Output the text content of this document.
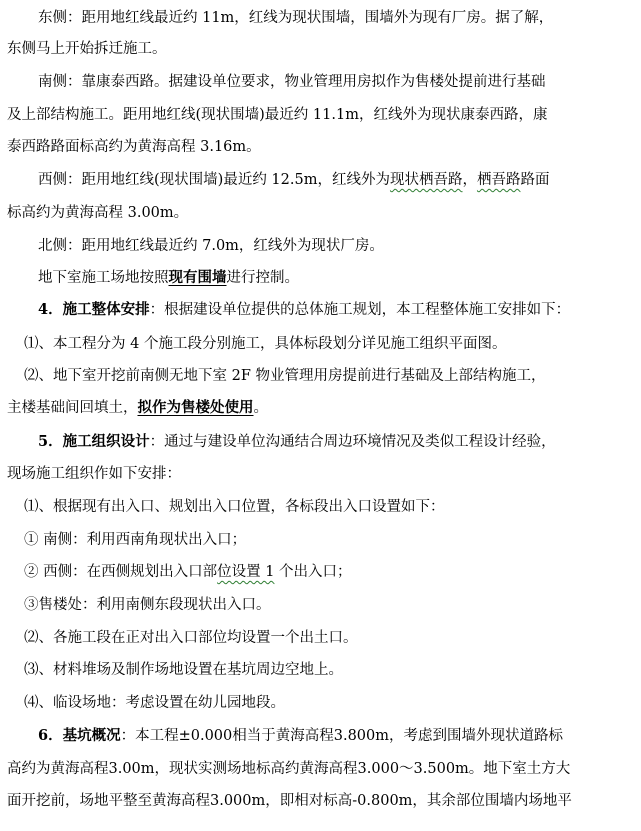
东侧：距用地红线最近约 11m，红线为现状围墙，围墙外为现有厂房。据了解，
东侧马上开始拆迁施工。
南侧：靠康泰西路。据建设单位要求，物业管理用房拟作为售楼处提前进行基础
及上部结构施工。距用地红线(现状围墙)最近约 11.1m，红线外为现状康泰西路，康
泰西路路面标高约为黄海高程 3.16m。
西侧：距用地红线(现状围墙)最近约 12.5m，红线外为现状栖吾路，栖吾路路面
标高约为黄海高程 3.00m。
北侧：距用地红线最近约 7.0m，红线外为现状厂房。
地下室施工场地按照现有围墙进行控制。
4．施工整体安排：根据建设单位提供的总体施工规划，本工程整体施工安排如下：
⑴、本工程分为 4 个施工段分别施工，具体标段划分详见施工组织平面图。
⑵、地下室开挖前南侧无地下室 2F 物业管理用房提前进行基础及上部结构施工，
主楼基础间回填土，拟作为售楼处使用。
5．施工组织设计：通过与建设单位沟通结合周边环境情况及类似工程设计经验，
现场施工组织作如下安排：
⑴、根据现有出入口、规划出入口位置，各标段出入口设置如下：
① 南侧：利用西南角现状出入口；
② 西侧：在西侧规划出入口部位设置 1 个出入口；
③售楼处：利用南侧东段现状出入口。
⑵、各施工段在正对出入口部位均设置一个出土口。
⑶、材料堆场及制作场地设置在基坑周边空地上。
⑷、临设场地：考虑设置在幼儿园地段。
6．基坑概况：本工程±0.000相当于黄海高程3.800m，考虑到围墙外现状道路标
高约为黄海高程3.00m，现状实测场地标高约黄海高程3.000～3.500m。地下室土方大
面开挖前，场地平整至黄海高程3.000m，即相对标高-0.800m，其余部位围墙内场地平
